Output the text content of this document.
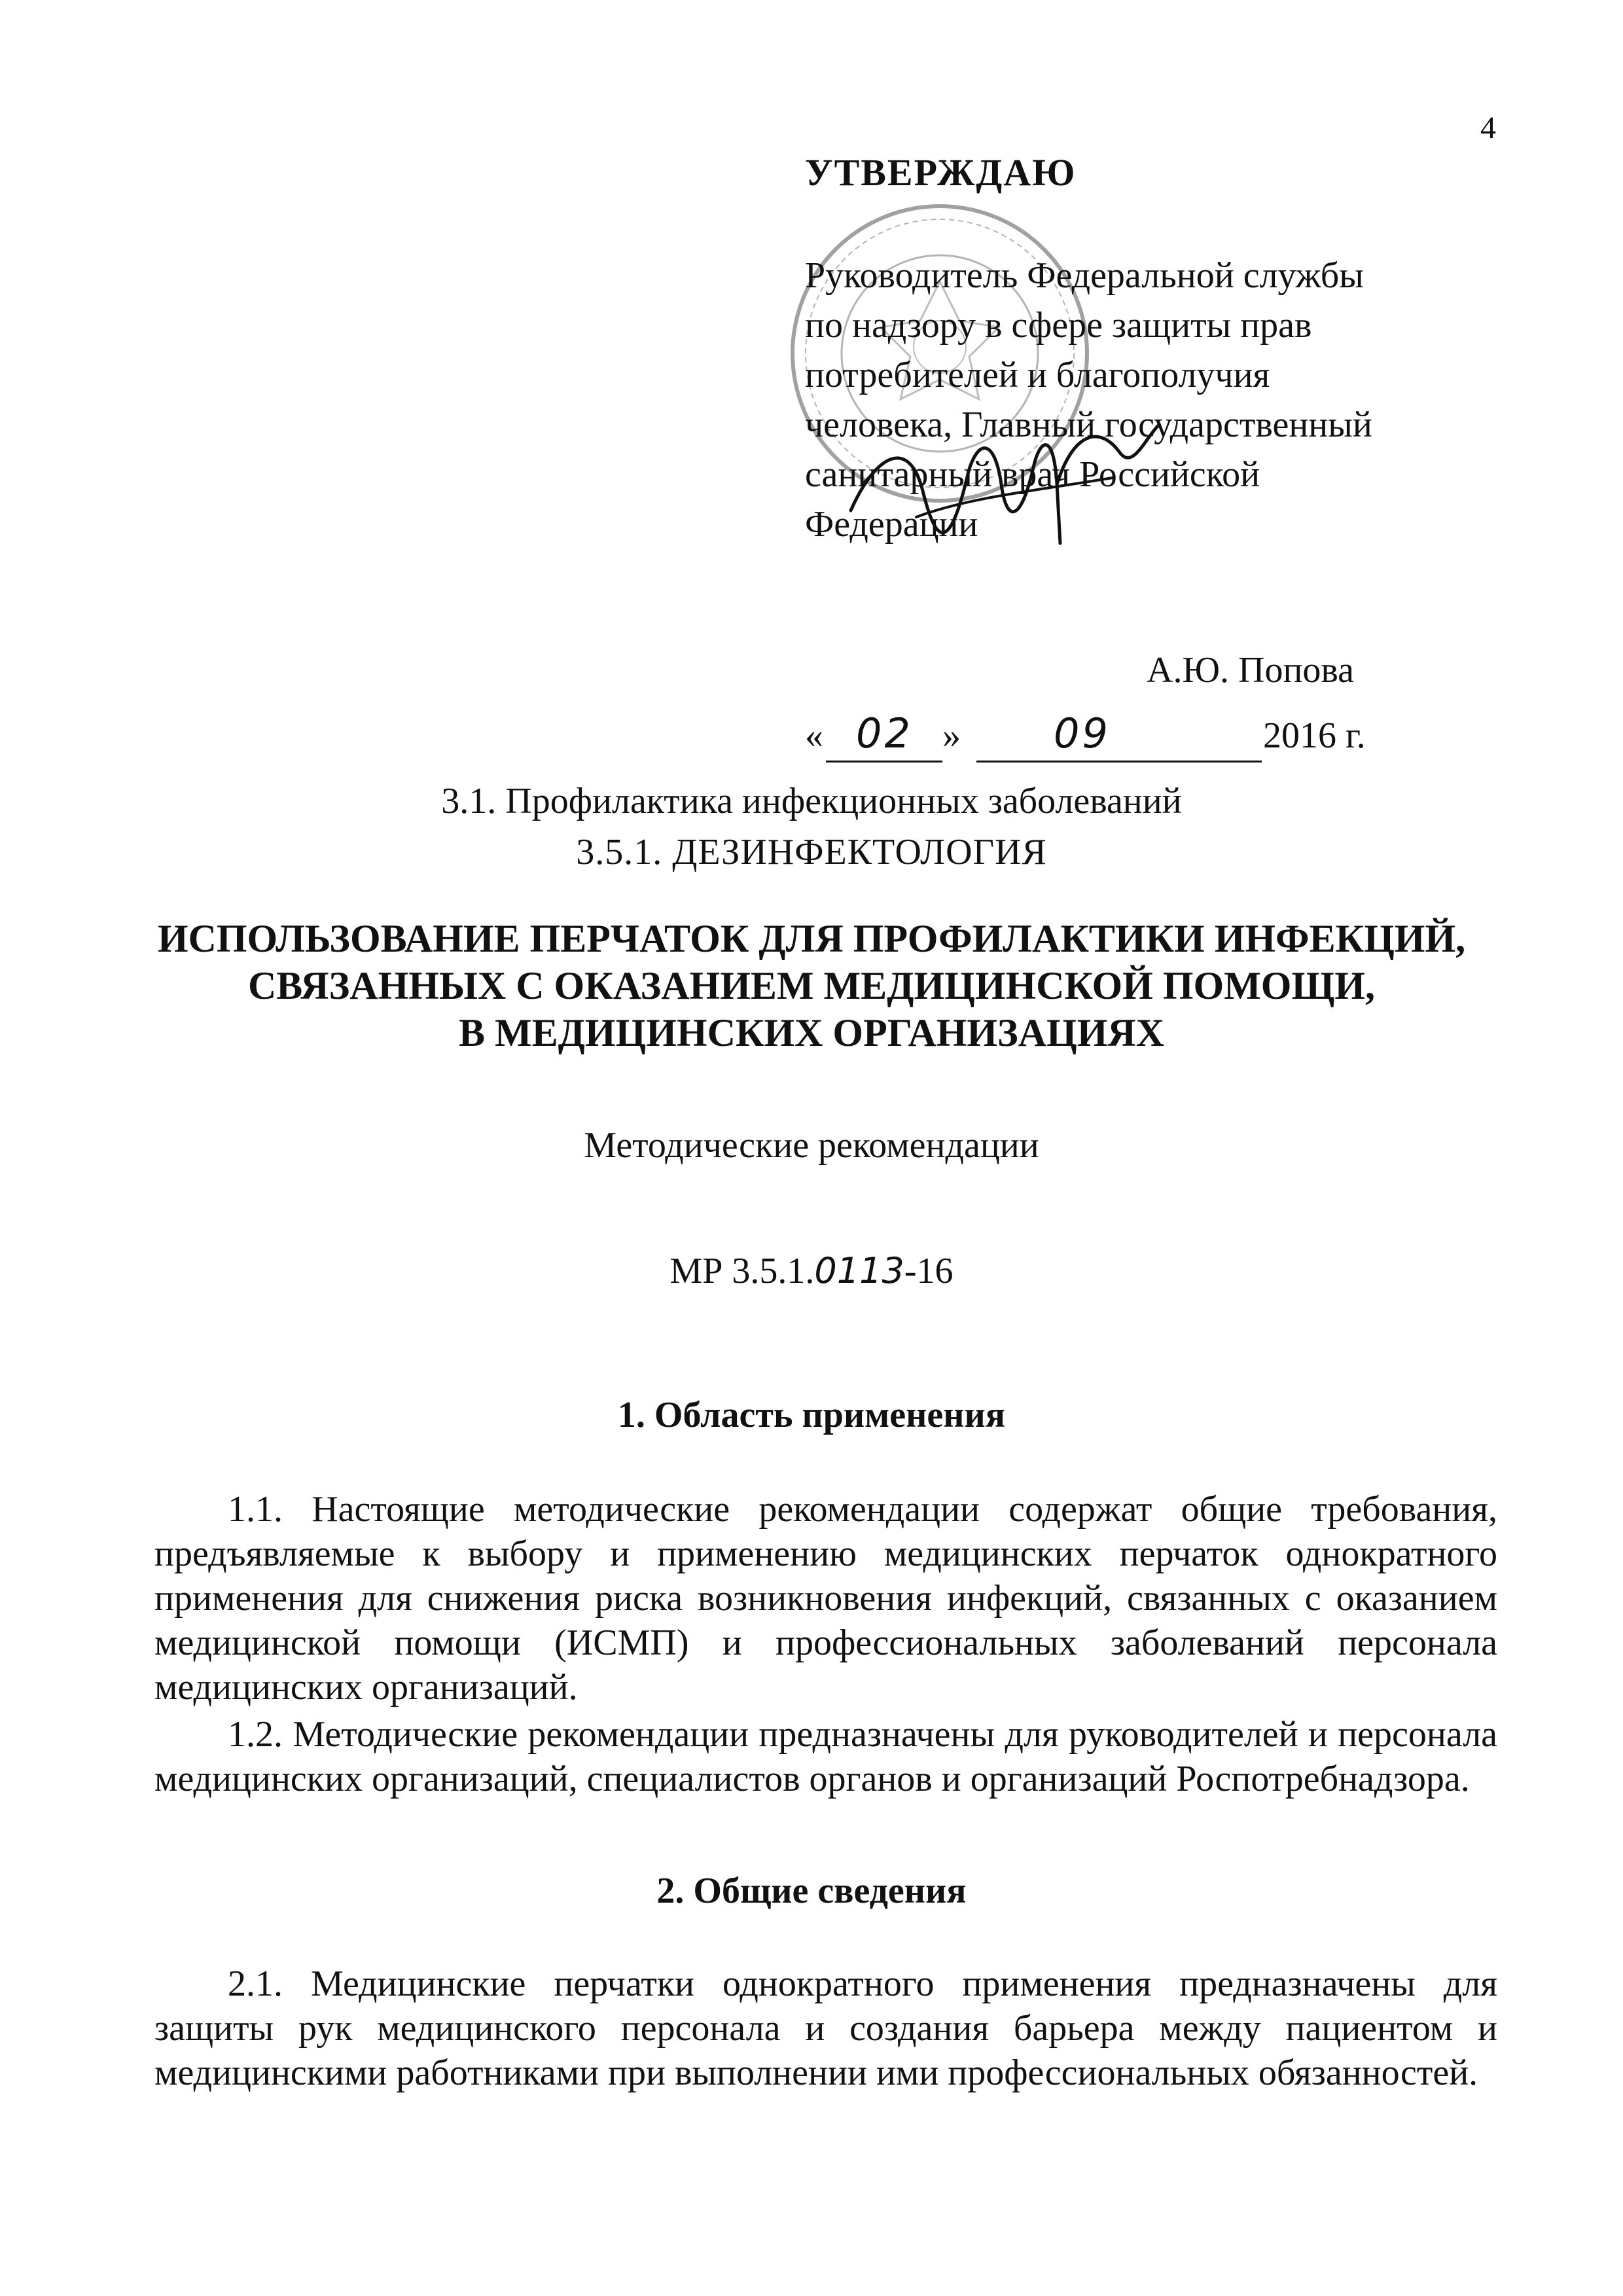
4

УТВЕРЖДАЮ

Руководитель Федеральной службы
по надзору в сфере защиты прав
потребителей и благополучия
человека, Главный государственный
санитарный врач Российской
Федерации

А.Ю. Попова
« 02 » 09	2016 г.
3.1. Профилактика инфекционных заболеваний
3.5.1. ДЕЗИНФЕКТОЛОГИЯ
ИСПОЛЬЗОВАНИЕ ПЕРЧАТОК ДЛЯ ПРОФИЛАКТИКИ ИНФЕКЦИЙ,
СВЯЗАННЫХ С ОКАЗАНИЕМ МЕДИЦИНСКОЙ ПОМОЩИ,
В МЕДИЦИНСКИХ ОРГАНИЗАЦИЯХ
Методические рекомендации
МР 3.5.1.0113-16
1. Область применения

1.1. Настоящие методические рекомендации содержат общие требования, предъявляемые к выбору и применению медицинских перчаток однократного применения для снижения риска возникновения инфекций, связанных с оказанием медицинской помощи (ИСМП) и профессиональных заболеваний персонала медицинских организаций.

1.2. Методические рекомендации предназначены для руководителей и персонала медицинских организаций, специалистов органов и организаций Роспотребнадзора.

2. Общие сведения

2.1. Медицинские перчатки однократного применения предназначены для защиты рук медицинского персонала и создания барьера между пациентом и медицинскими работниками при выполнении ими профессиональных обязанностей.
